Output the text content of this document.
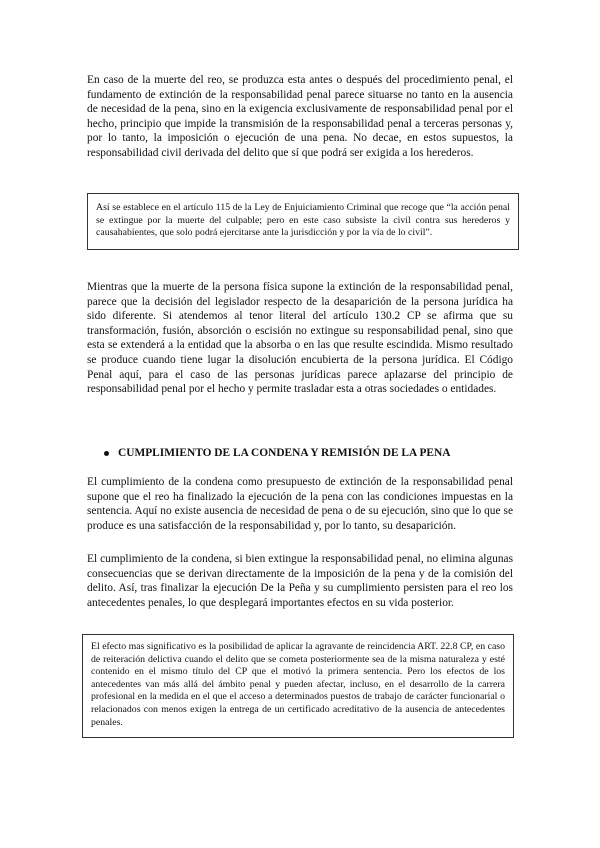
En caso de la muerte del reo, se produzca esta antes o después del procedimiento penal, el fundamento de extinción de la responsabilidad penal parece situarse no tanto en la ausencia de necesidad de la pena, sino en la exigencia exclusivamente de responsabilidad penal por el hecho, principio que impide la transmisión de la responsabilidad penal a terceras personas y, por lo tanto, la imposición o ejecución de una pena. No decae, en estos supuestos, la responsabilidad civil derivada del delito que sí que podrá ser exigida a los herederos.

Así se establece en el artículo 115 de la Ley de Enjuiciamiento Criminal que recoge que “la acción penal se extingue por la muerte del culpable; pero en este caso subsiste la civil contra sus herederos y causahabientes, que solo podrá ejercitarse ante la jurisdicción y por la vía de lo civil”.

Mientras que la muerte de la persona física supone la extinción de la responsabilidad penal, parece que la decisión del legislador respecto de la desaparición de la persona jurídica ha sido diferente. Si atendemos al tenor literal del artículo 130.2 CP se afirma que su transformación, fusión, absorción o escisión no extingue su responsabilidad penal, sino que esta se extenderá a la entidad que la absorba o en las que resulte escindida. Mismo resultado se produce cuando tiene lugar la disolución encubierta de la persona jurídica. El Código Penal aquí, para el caso de las personas jurídicas parece aplazarse del principio de responsabilidad penal por el hecho y permite trasladar esta a otras sociedades o entidades.

CUMPLIMIENTO DE LA CONDENA Y REMISIÓN DE LA PENA

El cumplimiento de la condena como presupuesto de extinción de la responsabilidad penal supone que el reo ha finalizado la ejecución de la pena con las condiciones impuestas en la sentencia. Aquí no existe ausencia de necesidad de pena o de su ejecución, sino que lo que se produce es una satisfacción de la responsabilidad y, por lo tanto, su desaparición.

El cumplimiento de la condena, si bien extingue la responsabilidad penal, no elimina algunas consecuencias que se derivan directamente de la imposición de la pena y de la comisión del delito. Así, tras finalizar la ejecución De la Peña y su cumplimiento persisten para el reo los antecedentes penales, lo que desplegará importantes efectos en su vida posterior.

El efecto mas significativo es la posibilidad de aplicar la agravante de reincidencia ART. 22.8 CP, en caso de reiteración delictiva cuando el delito que se cometa posteriormente sea de la misma naturaleza y esté contenido en el mismo título del CP que el motivó la primera sentencia. Pero los efectos de los antecedentes van más allá del ámbito penal y pueden afectar, incluso, en el desarrollo de la carrera profesional en la medida en el que el acceso a determinados puestos de trabajo de carácter funcionarial o relacionados con menos exigen la entrega de un certificado acreditativo de la ausencia de antecedentes penales.
